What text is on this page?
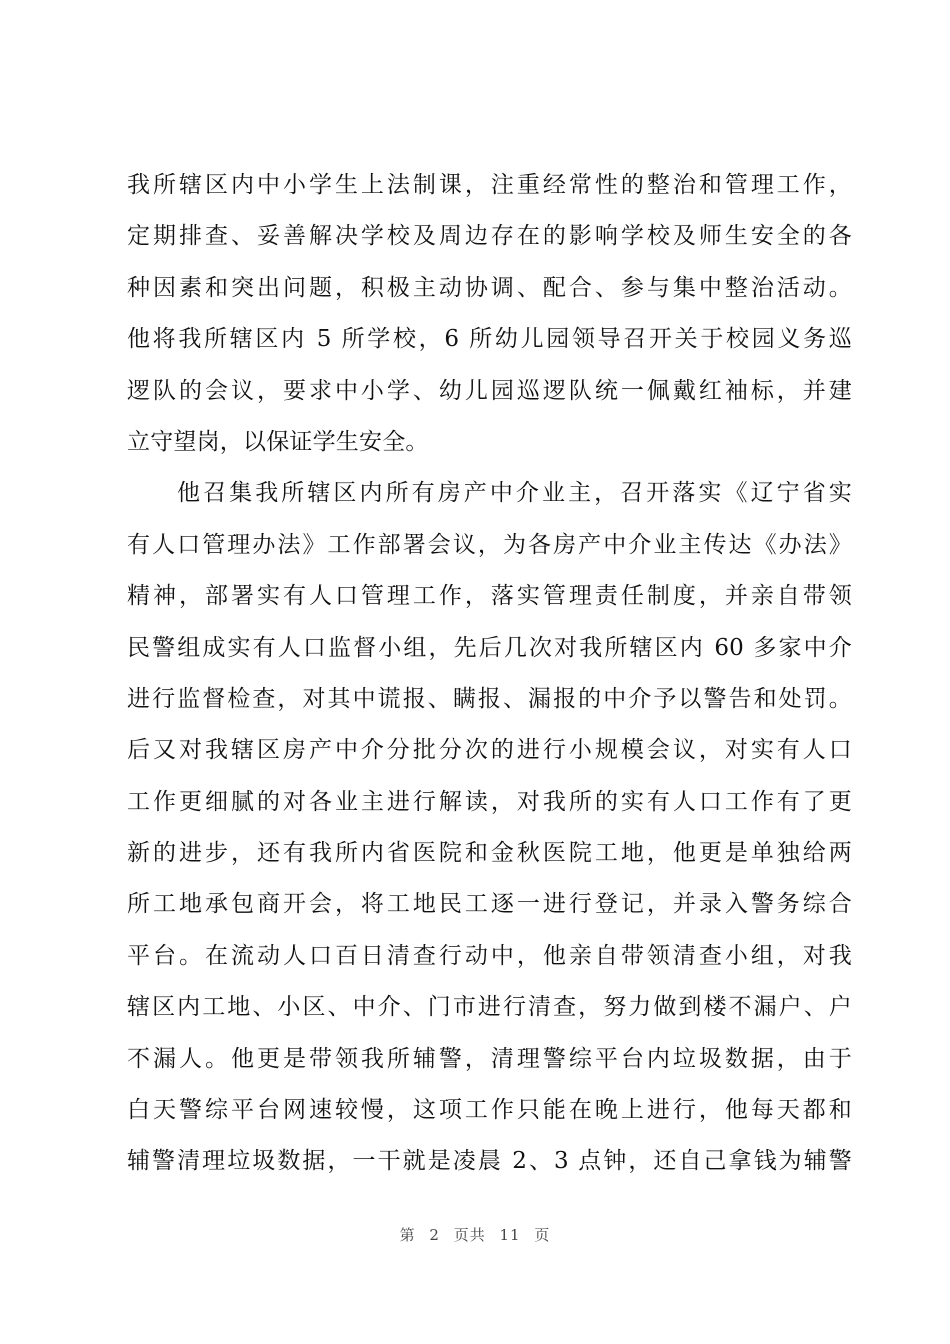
我所辖区内中小学生上法制课，注重经常性的整治和管理工作，
定期排查、妥善解决学校及周边存在的影响学校及师生安全的各
种因素和突出问题，积极主动协调、配合、参与集中整治活动。
他将我所辖区内 5 所学校，6 所幼儿园领导召开关于校园义务巡
逻队的会议，要求中小学、幼儿园巡逻队统一佩戴红袖标，并建
立守望岗，以保证学生安全。
他召集我所辖区内所有房产中介业主，召开落实《辽宁省实
有人口管理办法》工作部署会议，为各房产中介业主传达《办法》
精神，部署实有人口管理工作，落实管理责任制度，并亲自带领
民警组成实有人口监督小组，先后几次对我所辖区内 60 多家中介
进行监督检查，对其中谎报、瞒报、漏报的中介予以警告和处罚。
后又对我辖区房产中介分批分次的进行小规模会议，对实有人口
工作更细腻的对各业主进行解读，对我所的实有人口工作有了更
新的进步，还有我所内省医院和金秋医院工地，他更是单独给两
所工地承包商开会，将工地民工逐一进行登记，并录入警务综合
平台。在流动人口百日清查行动中，他亲自带领清查小组，对我
辖区内工地、小区、中介、门市进行清查，努力做到楼不漏户、户
不漏人。他更是带领我所辅警，清理警综平台内垃圾数据，由于
白天警综平台网速较慢，这项工作只能在晚上进行，他每天都和
辅警清理垃圾数据，一干就是凌晨 2、3 点钟，还自己拿钱为辅警
第 2 页共 11 页
